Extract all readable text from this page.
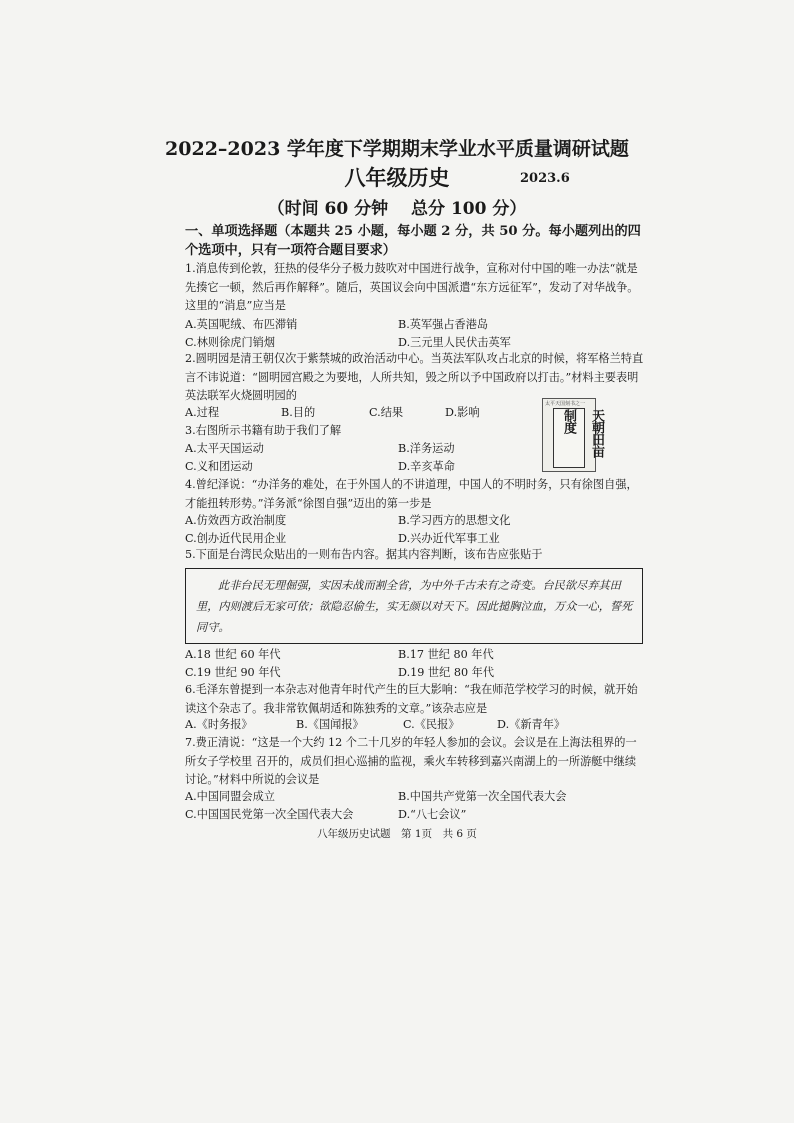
2022–2023 学年度下学期期末学业水平质量调研试题
八年级历史	2023.6
（时间 60 分钟　 总分 100 分）
一、单项选择题（本题共 25 小题，每小题 2 分，共 50 分。每小题列出的四个选项中，只有一项符合题目要求）
1.消息传到伦敦，狂热的侵华分子极力鼓吹对中国进行战争，宣称对付中国的唯一办法“就是先揍它一顿，然后再作解释”。随后，英国议会向中国派遣“东方远征军”，发动了对华战争。这里的“消息”应当是
A.英国呢绒、布匹滞销	B.英军强占香港岛
C.林则徐虎门销烟	D.三元里人民伏击英军
2.圆明园是清王朝仅次于紫禁城的政治活动中心。当英法军队攻占北京的时候，将军格兰特直言不讳说道：“圆明园宫殿之为要地，人所共知，毁之所以予中国政府以打击。”材料主要表明英法联军火烧圆明园的
A.过程	B.目的	C.结果	D.影响
太平天国刻书之一
天朝田亩制度
3.右图所示书籍有助于我们了解
A.太平天国运动	B.洋务运动
C.义和团运动	D.辛亥革命
4.曾纪泽说：“办洋务的难处，在于外国人的不讲道理，中国人的不明时务，只有徐图自强，才能扭转形势。”洋务派“徐图自强”迈出的第一步是
A.仿效西方政治制度	B.学习西方的思想文化
C.创办近代民用企业	D.兴办近代军事工业
5.下面是台湾民众贴出的一则布告内容。据其内容判断，该布告应张贴于

此非台民无理倔强，实因未战而割全省，为中外千古未有之奇变。台民欲尽弃其田里，内则渡后无家可依；欲隐忍偷生，实无颜以对天下。因此搥胸泣血，万众一心，誓死同守。

A.18 世纪 60 年代	B.17 世纪 80 年代
C.19 世纪 90 年代	D.19 世纪 80 年代
6.毛泽东曾提到一本杂志对他青年时代产生的巨大影响：“我在师范学校学习的时候，就开始读这个杂志了。我非常钦佩胡适和陈独秀的文章。”该杂志应是
A.《时务报》	B.《国闻报》	C.《民报》	D.《新青年》
7.费正清说：“这是一个大约 12 个二十几岁的年轻人参加的会议。会议是在上海法租界的一所女子学校里 召开的，成员们担心巡捕的监视，乘火车转移到嘉兴南湖上的一所游艇中继续讨论。”材料中所说的会议是
A.中国同盟会成立	B.中国共产党第一次全国代表大会
C.中国国民党第一次全国代表大会	D.“八七会议”
八年级历史试题　第 1页　共 6 页
